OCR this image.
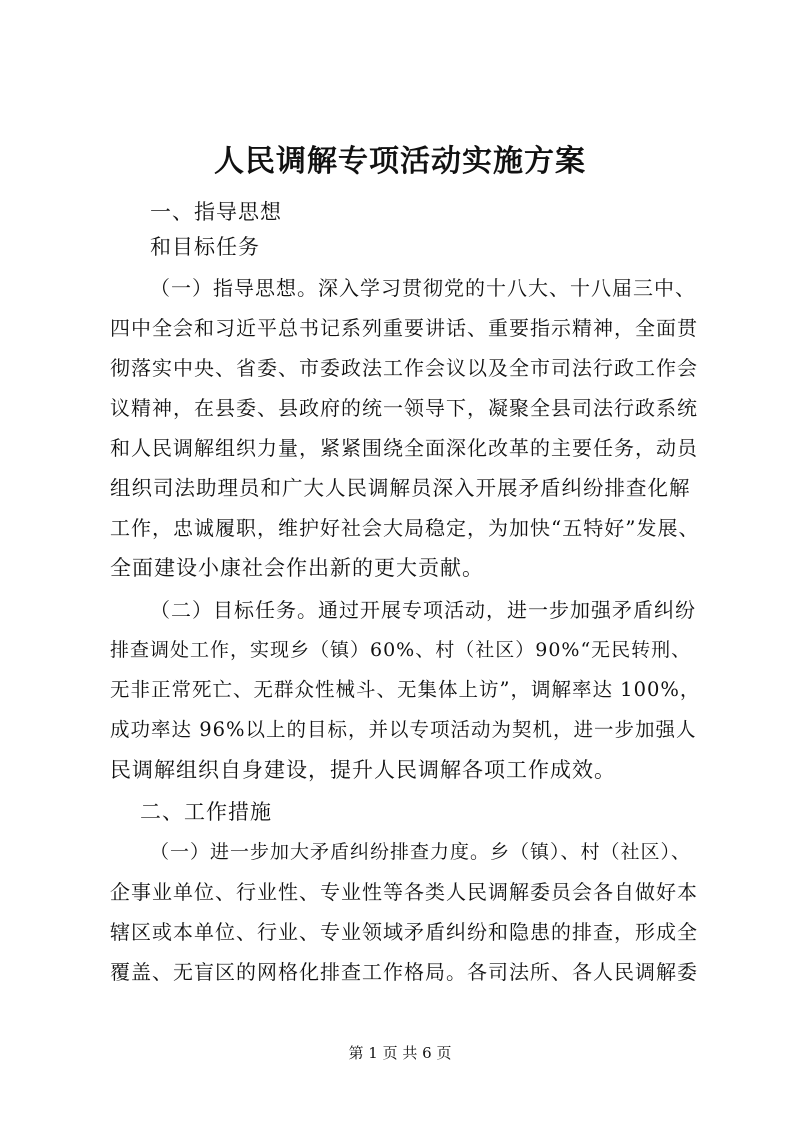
人民调解专项活动实施方案

一、指导思想

和目标任务

（一）指导思想。深入学习贯彻党的十八大、十八届三中、

四中全会和习近平总书记系列重要讲话、重要指示精神，全面贯

彻落实中央、省委、市委政法工作会议以及全市司法行政工作会

议精神，在县委、县政府的统一领导下，凝聚全县司法行政系统

和人民调解组织力量，紧紧围绕全面深化改革的主要任务，动员

组织司法助理员和广大人民调解员深入开展矛盾纠纷排查化解

工作，忠诚履职，维护好社会大局稳定，为加快“五特好”发展、

全面建设小康社会作出新的更大贡献。

（二）目标任务。通过开展专项活动，进一步加强矛盾纠纷

排查调处工作，实现乡（镇）60%、村（社区）90%“无民转刑、

无非正常死亡、无群众性械斗、无集体上访”，调解率达 100%，

成功率达 96%以上的目标，并以专项活动为契机，进一步加强人

民调解组织自身建设，提升人民调解各项工作成效。

二、工作措施

（一）进一步加大矛盾纠纷排查力度。乡（镇）、村（社区）、

企事业单位、行业性、专业性等各类人民调解委员会各自做好本

辖区或本单位、行业、专业领域矛盾纠纷和隐患的排查，形成全

覆盖、无盲区的网格化排查工作格局。各司法所、各人民调解委

第 1 页 共 6 页
